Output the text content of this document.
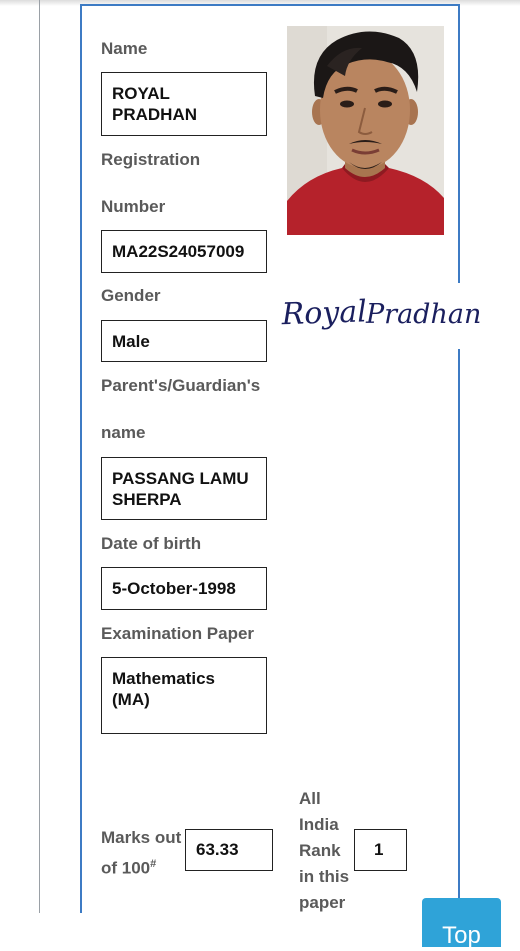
Name
ROYAL
PRADHAN
Registration
Number
MA22S24057009
Gender
Male
Parent's/Guardian's
name
PASSANG LAMU
SHERPA
Date of birth
5-October-1998
Examination Paper
Mathematics
(MA)
Marks out
of 100#
63.33
All
India
Rank
in this
paper
1
Royal
Pradhan
Top
